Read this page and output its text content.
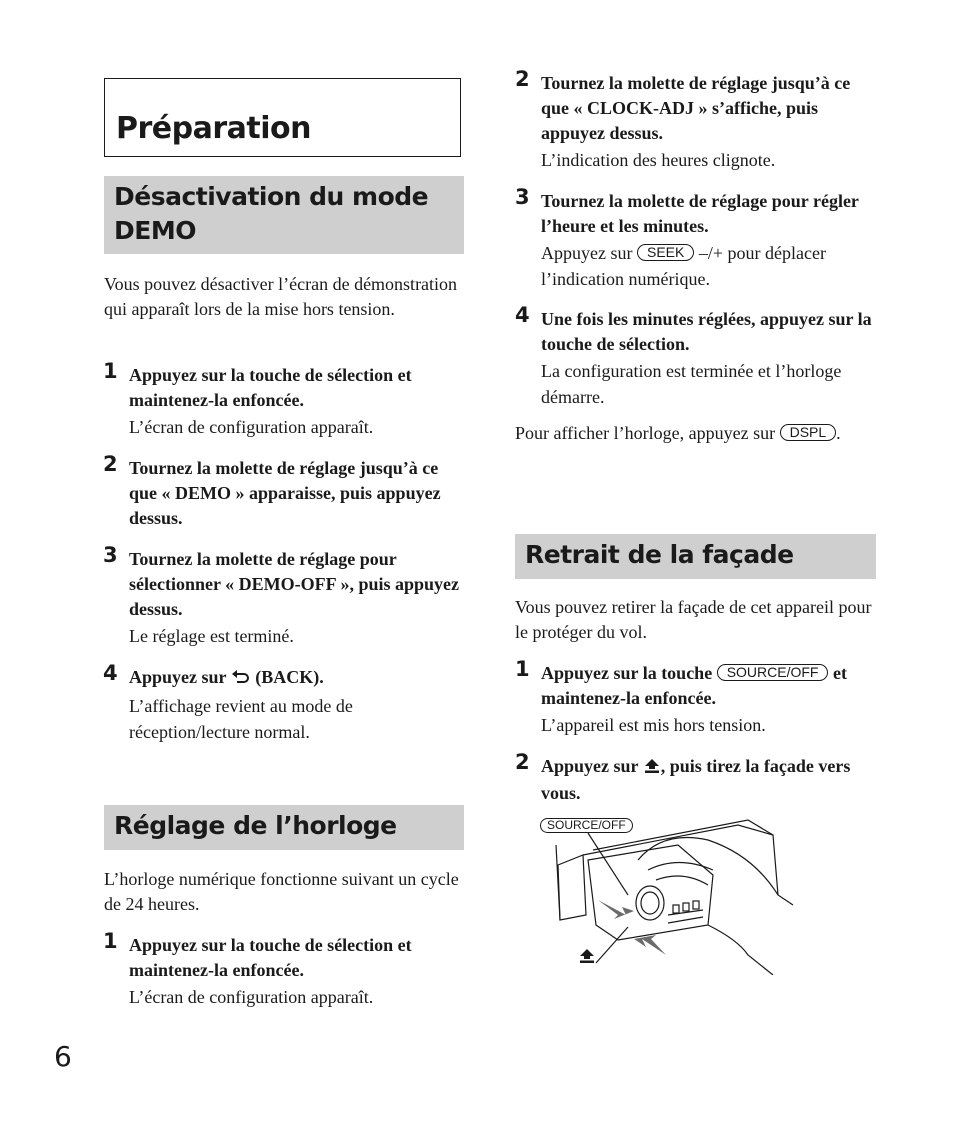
Préparation
Désactivation du mode DEMO

Vous pouvez désactiver l’écran de démonstration qui apparaît lors de la mise hors tension.

1 Appuyez sur la touche de sélection et maintenez-la enfoncée.

L’écran de configuration apparaît.

2 Tournez la molette de réglage jusqu’à ce que « DEMO » apparaisse, puis appuyez dessus.

3 Tournez la molette de réglage pour sélectionner « DEMO-OFF », puis appuyez dessus.

Le réglage est terminé.

4 Appuyez sur (BACK).

L’affichage revient au mode de réception/lecture normal.

Réglage de l’horloge

L’horloge numérique fonctionne suivant un cycle de 24 heures.

1 Appuyez sur la touche de sélection et maintenez-la enfoncée.

L’écran de configuration apparaît.

2 Tournez la molette de réglage jusqu’à ce que « CLOCK-ADJ » s’affiche, puis appuyez dessus.

L’indication des heures clignote.

3 Tournez la molette de réglage pour régler l’heure et les minutes.

Appuyez sur SEEK –/+ pour déplacer l’indication numérique.

4 Une fois les minutes réglées, appuyez sur la touche de sélection.

La configuration est terminée et l’horloge démarre.

Pour afficher l’horloge, appuyez sur DSPL .

Retrait de la façade

Vous pouvez retirer la façade de cet appareil pour le protéger du vol.

1 Appuyez sur la touche SOURCE/OFF et maintenez-la enfoncée.

L’appareil est mis hors tension.

2 Appuyez sur , puis tirez la façade vers vous.

SOURCE/OFF
6
